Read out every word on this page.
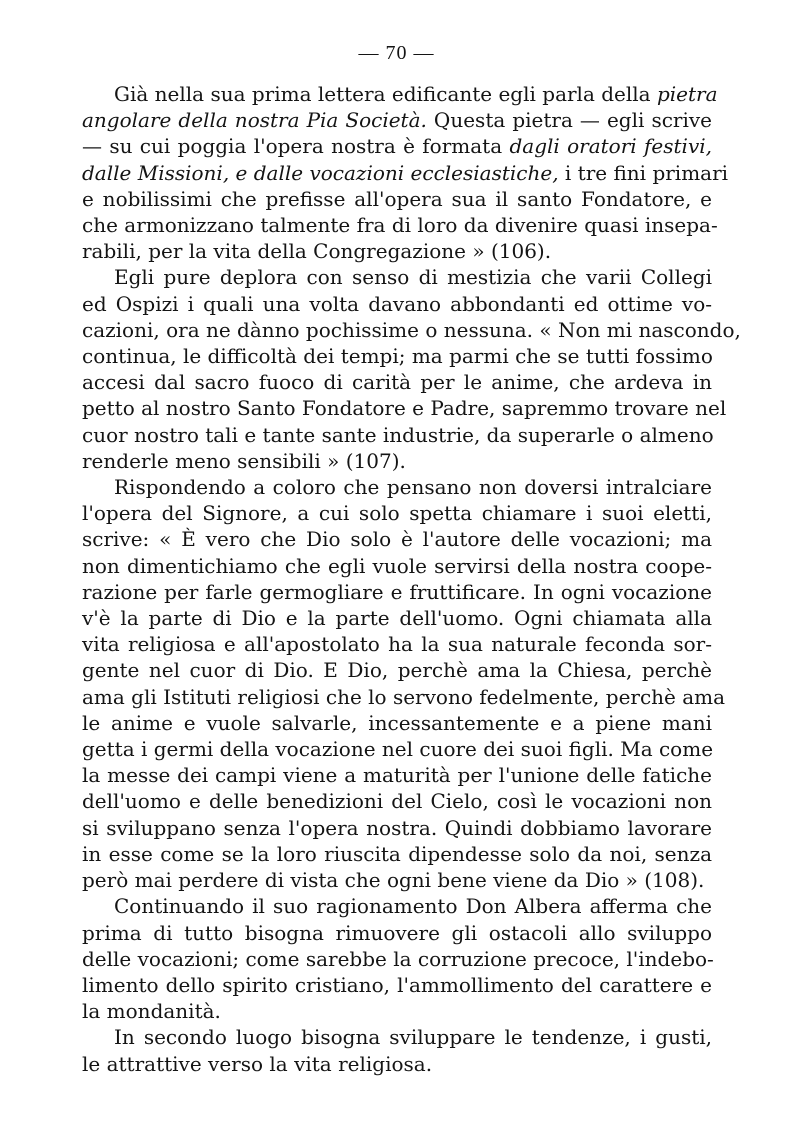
— 70 —
Già nella sua prima lettera edificante egli parla della pietra
angolare della nostra Pia Società. Questa pietra — egli scrive
— su cui poggia l'opera nostra è formata dagli oratori festivi,
dalle Missioni, e dalle vocazioni ecclesiastiche, i tre fini primari
e nobilissimi che prefisse all'opera sua il santo Fondatore, e
che armonizzano talmente fra di loro da divenire quasi insepa-
rabili, per la vita della Congregazione » (106).
Egli pure deplora con senso di mestizia che varii Collegi
ed Ospizi i quali una volta davano abbondanti ed ottime vo-
cazioni, ora ne dànno pochissime o nessuna. « Non mi nascondo,
continua, le difficoltà dei tempi; ma parmi che se tutti fossimo
accesi dal sacro fuoco di carità per le anime, che ardeva in
petto al nostro Santo Fondatore e Padre, sapremmo trovare nel
cuor nostro tali e tante sante industrie, da superarle o almeno
renderle meno sensibili » (107).
Rispondendo a coloro che pensano non doversi intralciare
l'opera del Signore, a cui solo spetta chiamare i suoi eletti,
scrive: « È vero che Dio solo è l'autore delle vocazioni; ma
non dimentichiamo che egli vuole servirsi della nostra coope-
razione per farle germogliare e fruttificare. In ogni vocazione
v'è la parte di Dio e la parte dell'uomo. Ogni chiamata alla
vita religiosa e all'apostolato ha la sua naturale feconda sor-
gente nel cuor di Dio. E Dio, perchè ama la Chiesa, perchè
ama gli Istituti religiosi che lo servono fedelmente, perchè ama
le anime e vuole salvarle, incessantemente e a piene mani
getta i germi della vocazione nel cuore dei suoi figli. Ma come
la messe dei campi viene a maturità per l'unione delle fatiche
dell'uomo e delle benedizioni del Cielo, così le vocazioni non
si sviluppano senza l'opera nostra. Quindi dobbiamo lavorare
in esse come se la loro riuscita dipendesse solo da noi, senza
però mai perdere di vista che ogni bene viene da Dio » (108).
Continuando il suo ragionamento Don Albera afferma che
prima di tutto bisogna rimuovere gli ostacoli allo sviluppo
delle vocazioni; come sarebbe la corruzione precoce, l'indebo-
limento dello spirito cristiano, l'ammollimento del carattere e
la mondanità.
In secondo luogo bisogna sviluppare le tendenze, i gusti,
le attrattive verso la vita religiosa.
